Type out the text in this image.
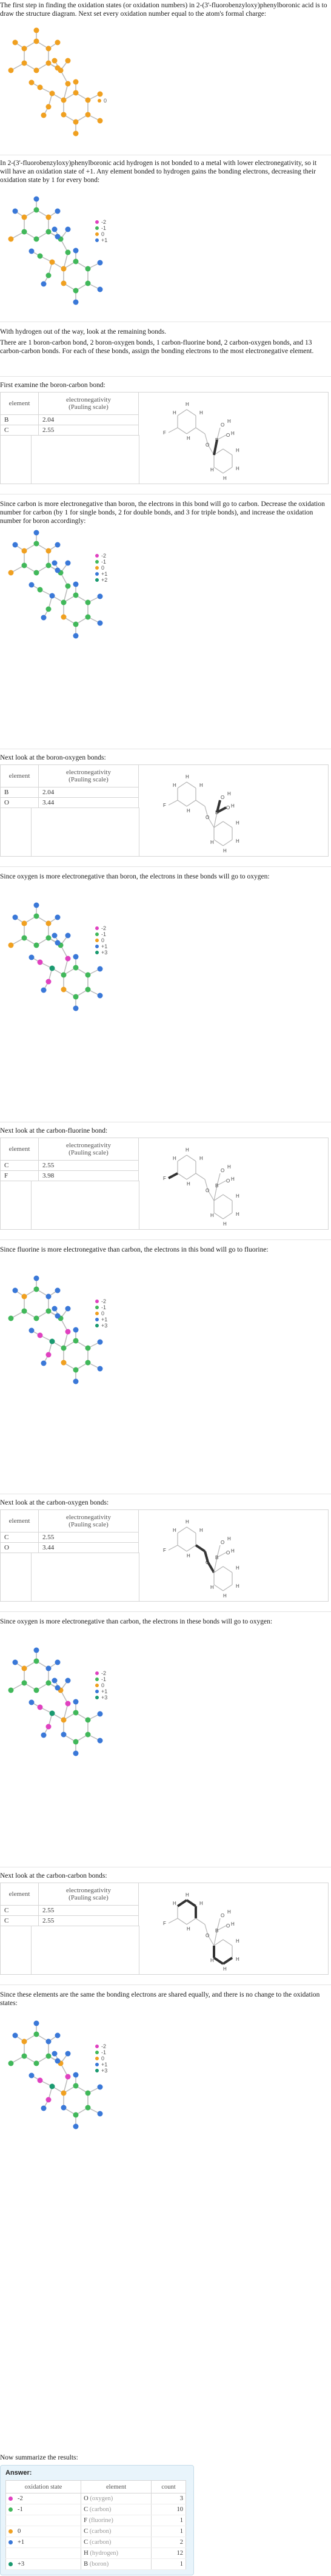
The first step in finding the oxidation states (or oxidation numbers) in 2-(3'-fluorobenzyloxy)phenylboronic acid is to draw the structure diagram. Next set every oxidation number equal to the atom's formal charge:

0

In 2-(3'-fluorobenzyloxy)phenylboronic acid hydrogen is not bonded to a metal with lower electronegativity, so it will have an oxidation state of +1. Any element bonded to hydrogen gains the bonding electrons, decreasing their oxidation state by 1 for every bond:

-2
-1
0
+1

With hydrogen out of the way, look at the remaining bonds.

There are 1 boron-carbon bond, 2 boron-oxygen bonds, 1 carbon-fluorine bond, 2 carbon-oxygen bonds, and 13 carbon-carbon bonds. For each of these bonds, assign the bonding electrons to the most electronegative element.

First examine the boron-carbon bond:

element	electronegativity
(Pauling scale)
B	2.04
C	2.55	F
O
B
O
O
H
H
H
H
H
H
H
H
H
H

Since carbon is more electronegative than boron, the electrons in this bond will go to carbon. Decrease the oxidation number for carbon (by 1 for single bonds, 2 for double bonds, and 3 for triple bonds), and increase the oxidation number for boron accordingly:

-2
-1
0
+1
+2

Next look at the boron-oxygen bonds:

element	electronegativity
(Pauling scale)
B	2.04
O	3.44	F
O
B
O
O
H
H
H
H
H
H
H
H
H
H

Since oxygen is more electronegative than boron, the electrons in these bonds will go to oxygen:

-2
-1
0
+1
+3

Next look at the carbon-fluorine bond:

element	electronegativity
(Pauling scale)
C	2.55
F	3.98	F
O
B
O
O
H
H
H
H
H
H
H
H
H
H

Since fluorine is more electronegative than carbon, the electrons in this bond will go to fluorine:

-2
-1
0
+1
+3

Next look at the carbon-oxygen bonds:

element	electronegativity
(Pauling scale)
C	2.55
O	3.44	F
O
B
O
O
H
H
H
H
H
H
H
H
H
H

Since oxygen is more electronegative than carbon, the electrons in these bonds will go to oxygen:

-2
-1
0
+1
+3

Next look at the carbon-carbon bonds:

element	electronegativity
(Pauling scale)
C	2.55
C	2.55	F
O
B
O
O
H
H
H
H
H
H
H
H
H
H

Since these elements are the same the bonding electrons are shared equally, and there is no change to the oxidation states:

-2
-1
0
+1
+3

Now summarize the results:

Answer:
oxidation state	element	count
-2	O (oxygen)	3
-1	C (carbon)	10
	F (fluorine)	1
0	C (carbon)	1
+1	C (carbon)	2
	H (hydrogen)	12
+3	B (boron)	1
